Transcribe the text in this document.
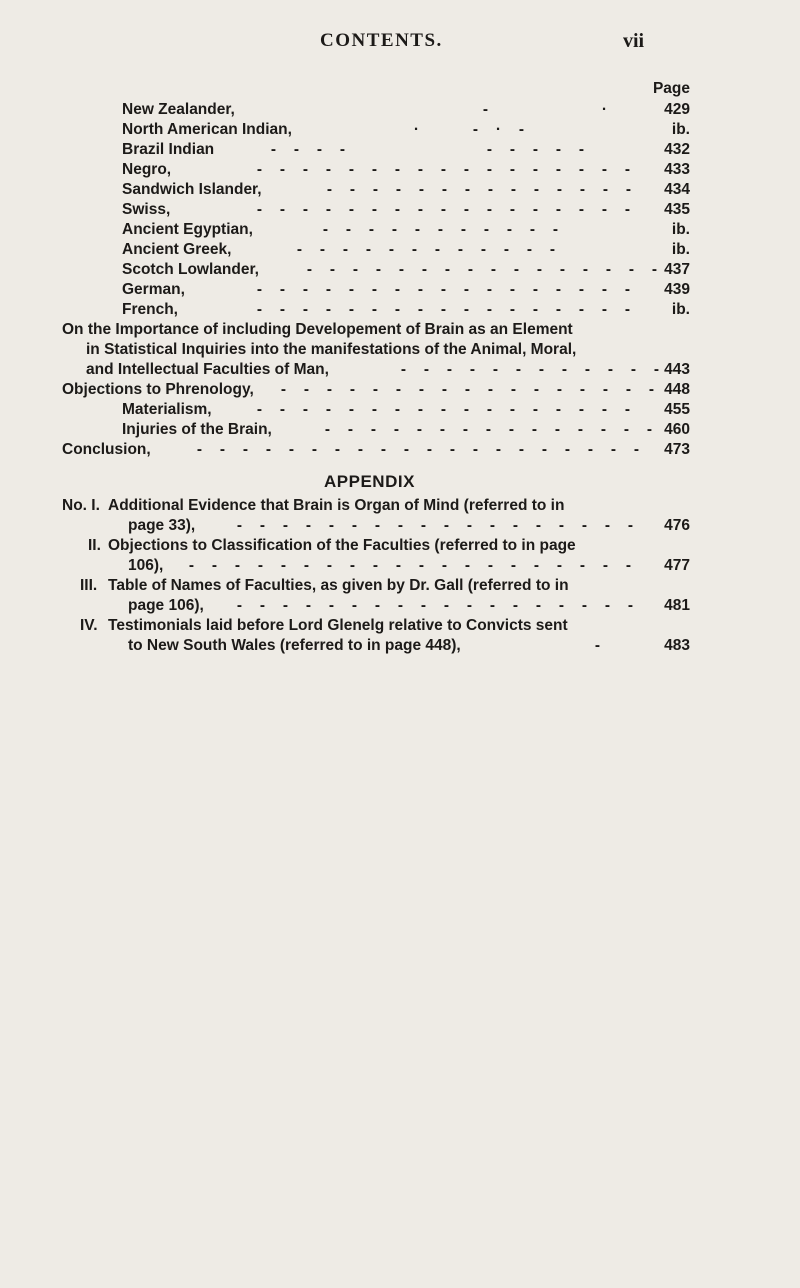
CONTENTS.	vii
Page
New Zealander,	-	·	429
North American Indian,	·	- · -	ib.
Brazil Indian	- - - -	- - - - -	432
Negro,	- - - - - - - - - - - - - - - - -	433
Sandwich Islander,	- - - - - - - - - - - - - -	434
Swiss,	- - - - - - - - - - - - - - - - -	435
Ancient Egyptian,	- - - - - - - - - - -	ib.
Ancient Greek,	- - - - - - - - - - - -	ib.
Scotch Lowlander,	- - - - - - - - - - - - - - - - 437
German,	- - - - - - - - - - - - - - - - -	439
French,	- - - - - - - - - - - - - - - - -	ib.
On the Importance of including Developement of Brain as an Element
in Statistical Inquiries into the manifestations of the Animal, Moral,
and Intellectual Faculties of Man,	- - - - - - - - - - - - 443
Objections to Phrenology,	- - - - - - - - - - - - - - - - - 448
Materialism,	- - - - - - - - - - - - - - - - -	455
Injuries of the Brain,	- - - - - - - - - - - - - - - 460
Conclusion,	- - - - - - - - - - - - - - - - - - - -	473
APPENDIX
No. I. Additional Evidence that Brain is Organ of Mind (referred to in
page 33),	- - - - - - - - - - - - - - - - - -	476
II. Objections to Classification of the Faculties (referred to in page
106),	- - - - - - - - - - - - - - - - - - - -	477
III. Table of Names of Faculties, as given by Dr. Gall (referred to in
page 106),	- - - - - - - - - - - - - - - - - -	481
IV. Testimonials laid before Lord Glenelg relative to Convicts sent
to New South Wales (referred to in page 448),	-	483
